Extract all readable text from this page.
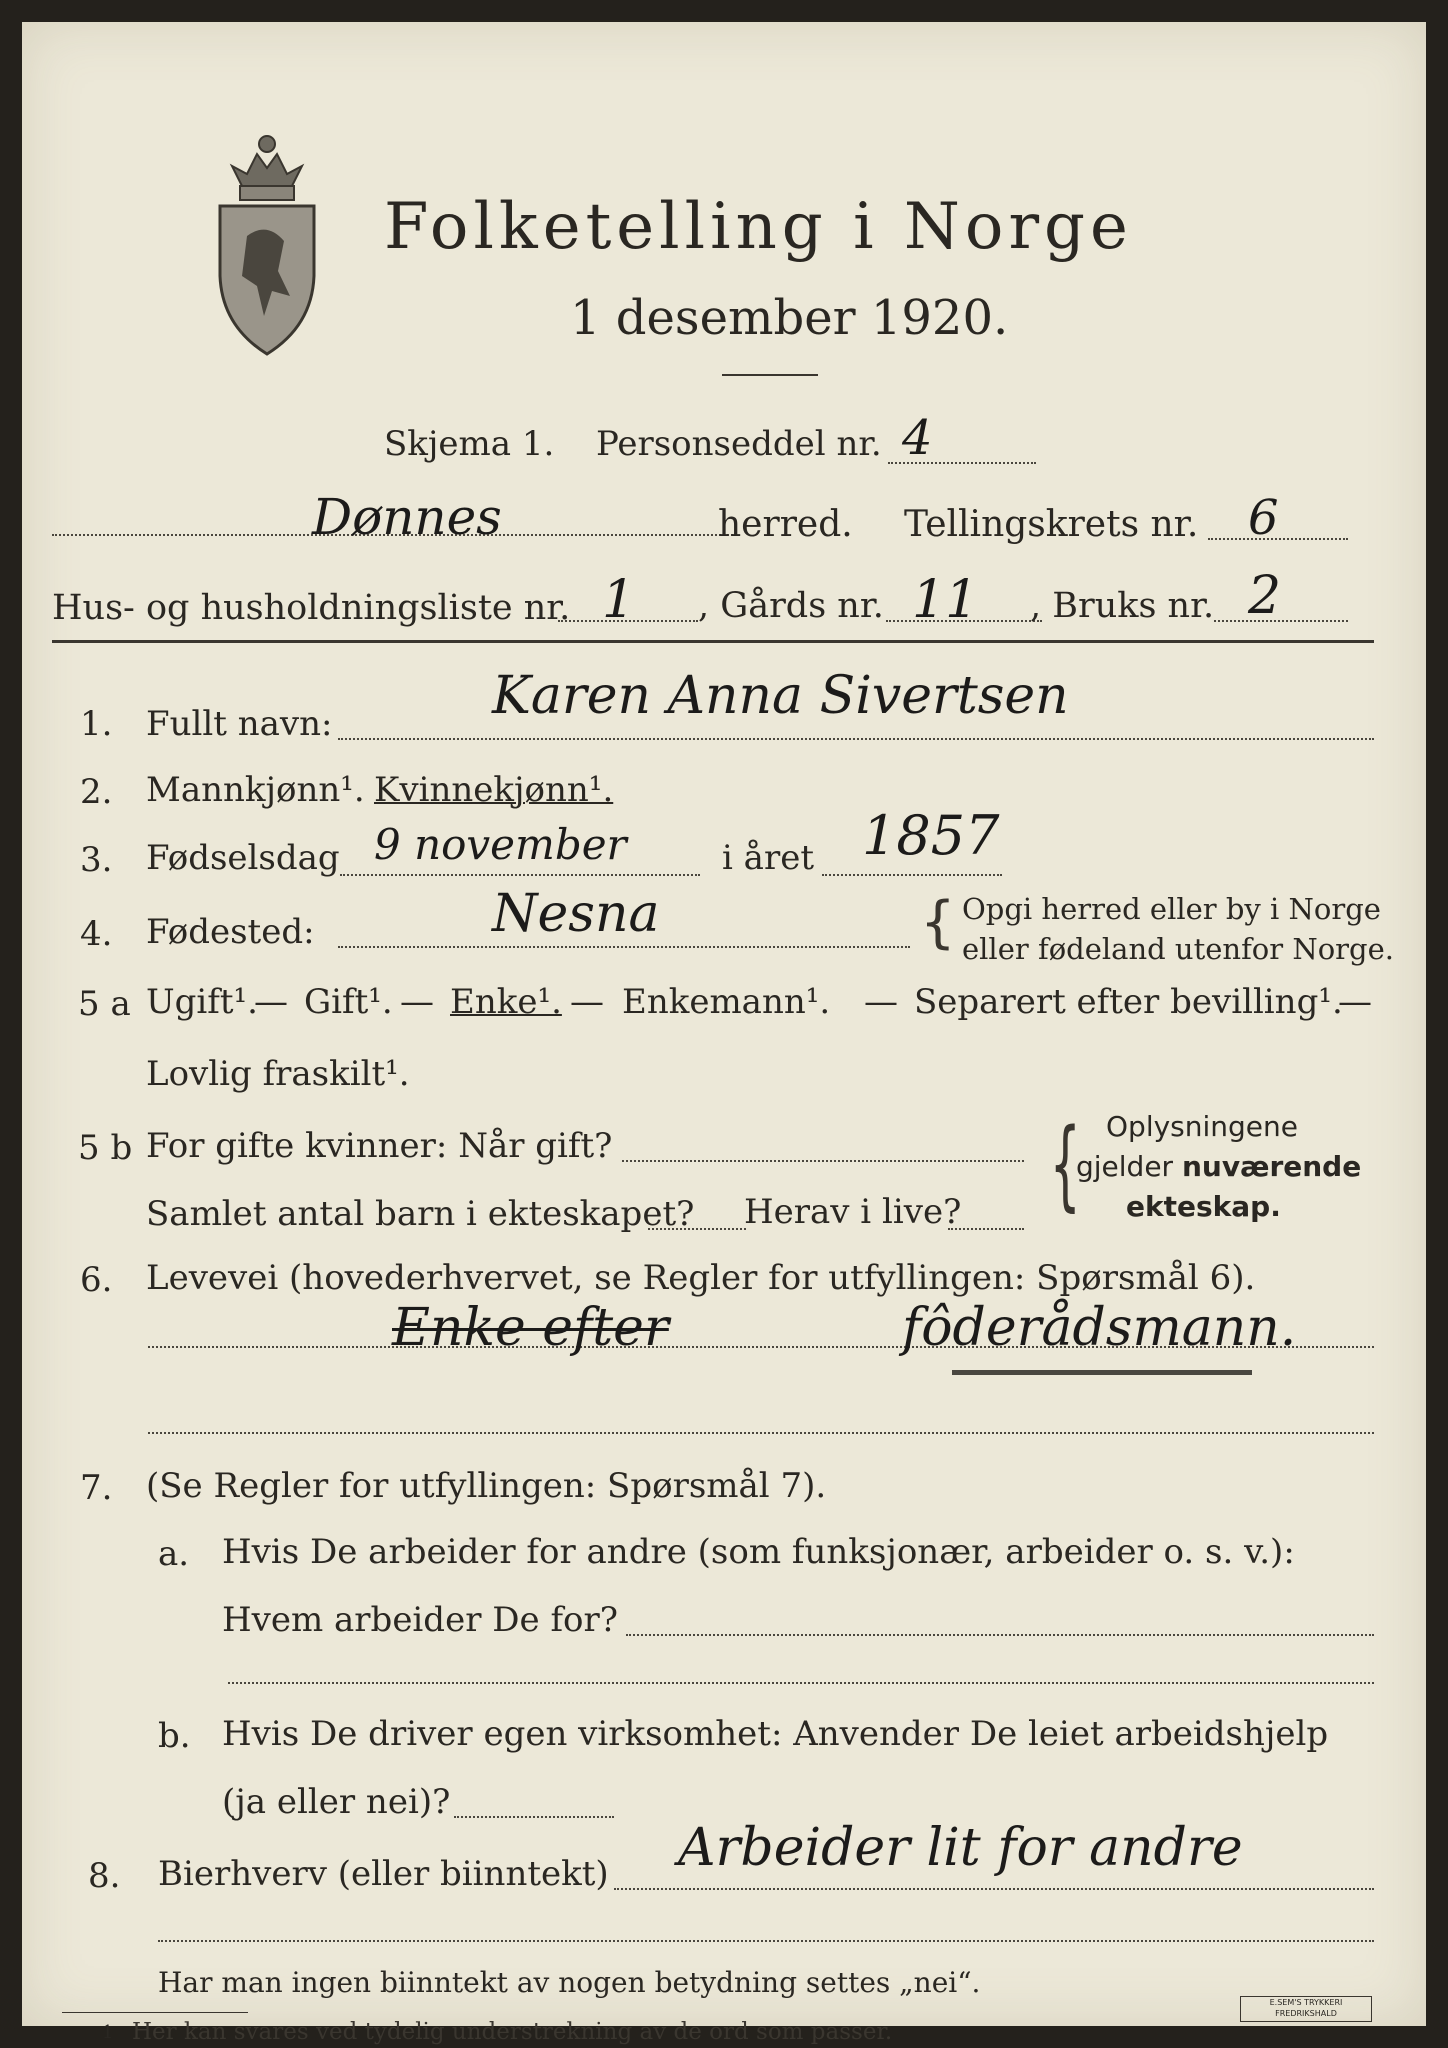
Folketelling i Norge
1 desember 1920.
Skjema 1. Personseddel nr. 4
Dønnes	herred. Tellingskrets nr. 6
Hus- og husholdningsliste nr. 1 , Gårds nr. 11 , Bruks nr. 2
1. Fullt navn:	Karen Anna Sivertsen
2. Mannkjønn¹. Kvinnekjønn¹.
3. Fødselsdag 9 november	i året 1857
4. Fødested:	Nesna	{ Opgi herred eller by i Norge
eller fødeland utenfor Norge.
5 a Ugift¹.
— Gift¹. — Enke¹. — Enkemann¹. — Separert efter bevilling¹.
—
Lovlig fraskilt¹.
5 b For gifte kvinner: Når gift?
Samlet antal barn i ekteskapet? Herav i live? { Oplysningene
gjelder nuværende
ekteskap.
6. Levevei (hovederhvervet, se Regler for utfyllingen: Spørsmål 6).
Enke efter	fôderådsmann.
7. (Se Regler for utfyllingen: Spørsmål 7).
a. Hvis De arbeider for andre (som funksjonær, arbeider o. s. v.):
Hvem arbeider De for?
b. Hvis De driver egen virksomhet: Anvender De leiet arbeidshjelp
(ja eller nei)?
8. Bierhverv (eller biinntekt) Arbeider lit for andre
Har man ingen biinntekt av nogen betydning settes „nei“.
1 Her kan svares ved tydelig understrekning av de ord som passer.
E.SEM'S TRYKKERI
FREDRIKSHALD
